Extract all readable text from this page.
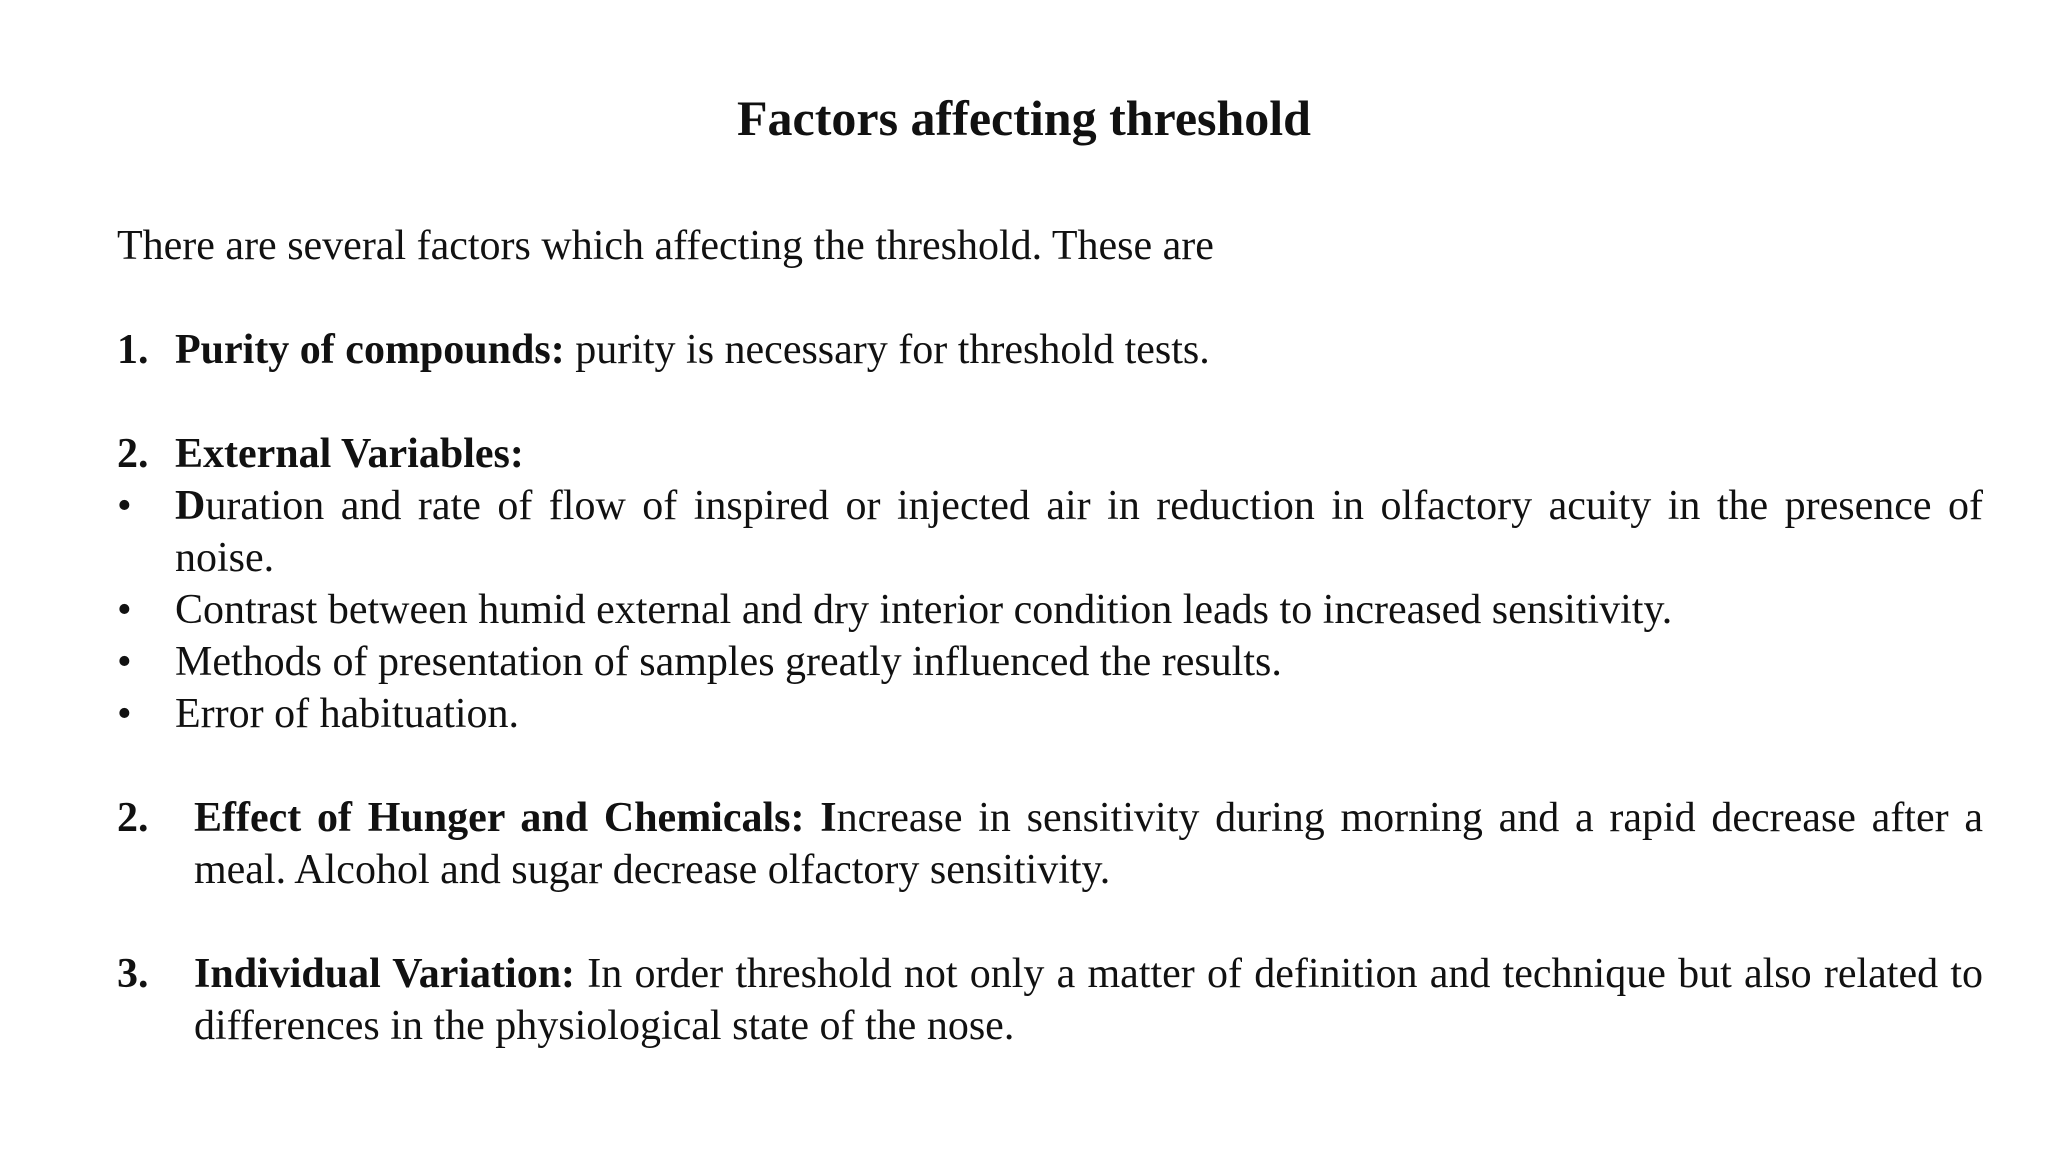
Factors affecting threshold

There are several factors which affecting the threshold. These are

1. Purity of compounds: purity is necessary for threshold tests.

2. External Variables:

• Duration and rate of flow of inspired or injected air in reduction in olfactory acuity in the presence of noise.

• Contrast between humid external and dry interior condition leads to increased sensitivity.

• Methods of presentation of samples greatly influenced the results.

• Error of habituation.

2. Effect of Hunger and Chemicals: Increase in sensitivity during morning and a rapid decrease after a meal. Alcohol and sugar decrease olfactory sensitivity.

3. Individual Variation: In order threshold not only a matter of definition and technique but also related to differences in the physiological state of the nose.
